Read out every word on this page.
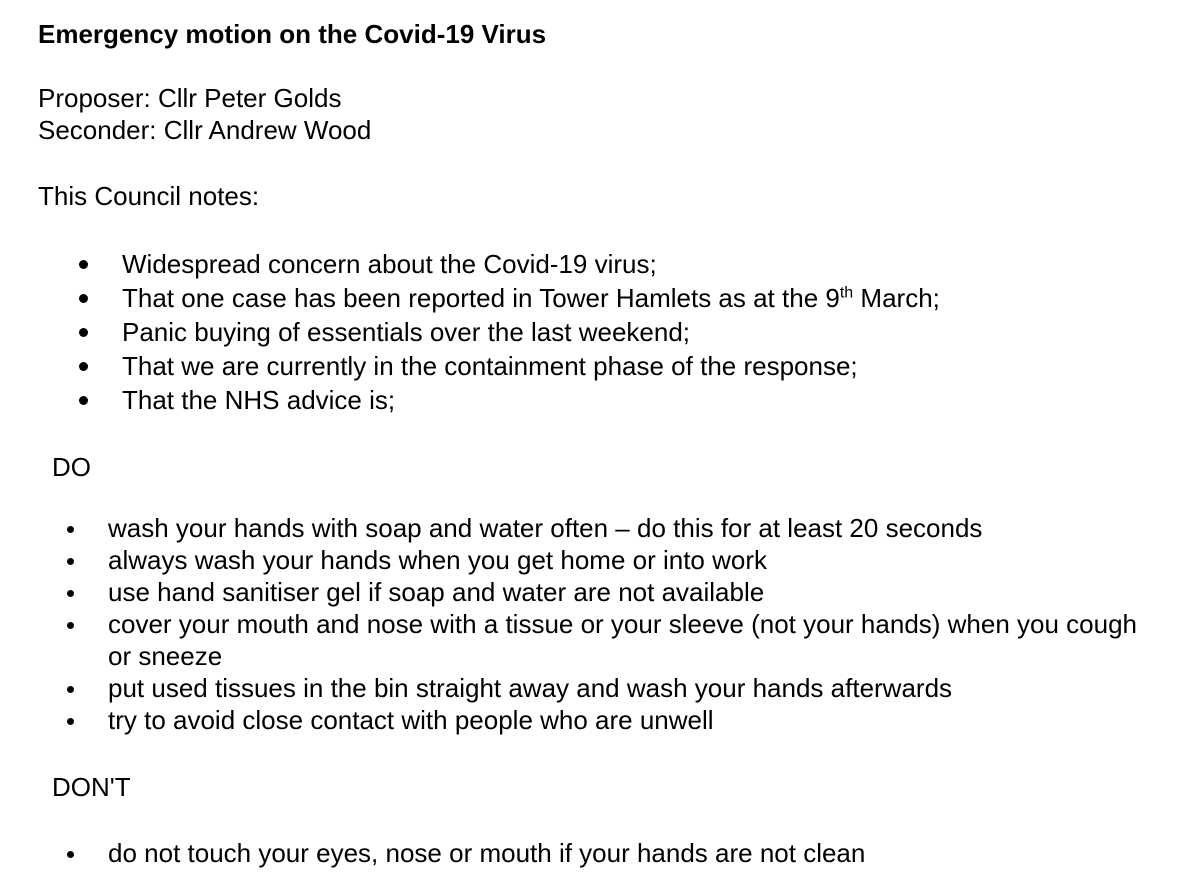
Emergency motion on the Covid-19 Virus
Proposer: Cllr Peter Golds
Seconder: Cllr Andrew Wood
This Council notes:
Widespread concern about the Covid-19 virus;
That one case has been reported in Tower Hamlets as at the 9th March;
Panic buying of essentials over the last weekend;
That we are currently in the containment phase of the response;
That the NHS advice is;
DO
wash your hands with soap and water often – do this for at least 20 seconds
always wash your hands when you get home or into work
use hand sanitiser gel if soap and water are not available
cover your mouth and nose with a tissue or your sleeve (not your hands) when you cough or sneeze
put used tissues in the bin straight away and wash your hands afterwards
try to avoid close contact with people who are unwell
DON'T
do not touch your eyes, nose or mouth if your hands are not clean
